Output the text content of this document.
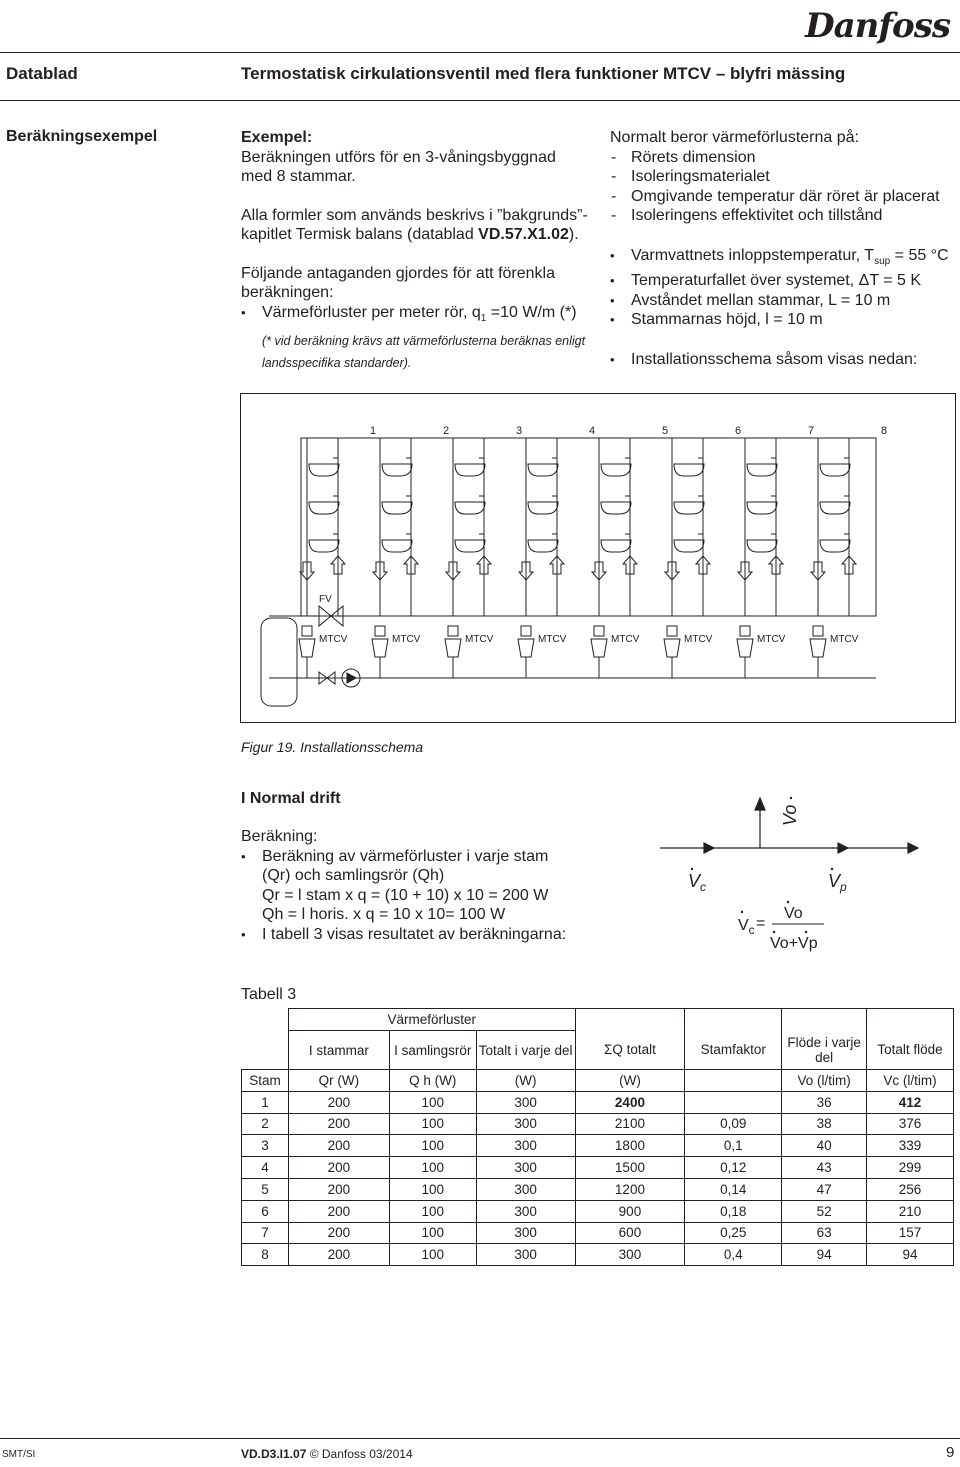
Danfoss
Datablad	Termostatisk cirkulationsventil med flera funktioner MTCV – blyfri mässing
Beräkningsexempel	Exempel:

Beräkningen utförs för en 3-våningsbyggnad

med 8 stammar.

Alla formler som används beskrivs i ”bakgrunds”-

kapitlet Termisk balans (datablad VD.57.X1.02).

Följande antaganden gjordes för att förenkla

beräkningen:

• Värmeförluster per meter rör, $q_1 =10$ W/m (*)

(* vid beräkning krävs att värmeförlusterna beräknas enligt

landsspecifika standarder).

Normalt beror värmeförlusterna på:

- Rörets dimension

- Isoleringsmaterialet

- Omgivande temperatur där röret är placerat

- Isoleringens effektivitet och tillstånd

• Varmvattnets inloppstemperatur, $T_{sup} = 55$ °C

• Temperaturfallet över systemet, ΔT = 5 K

• Avståndet mellan stammar, L = 10 m

• Stammarnas höjd, l = 10 m

• Installationsschema såsom visas nedan:

1	2	3	4	5	6	7	8
FV
MTCV	MTCV	MTCV	MTCV	MTCV	MTCV	MTCV	MTCV
Figur 19. Installationsschema
I Normal drift

Beräkning:

• Beräkning av värmeförluster i varje stam

(Qr) och samlingsrör (Qh)

Qr = l stam x q = (10 + 10) x 10 = 200 W

Qh = l horis. x q = 10 x 10= 100 W

• I tabell 3 visas resultatet av beräkningarna:

Vo
$V_c$	$V_p$
$V_c$ =
Vo
Vo+Vp
Tabell 3
	Värmeförluster						
	I stammar	I samlingsrör	Totalt i varje del	ΣQ totalt	Stamfaktor	Flöde i varje del	Totalt flöde
Stam	Qr (W)	Q h (W)	(W)	(W)		Vo (l/tim)	Vc (l/tim)
1	200	100	300	2400		36	412
2	200	100	300	2100	0,09	38	376
3	200	100	300	1800	0,1	40	339
4	200	100	300	1500	0,12	43	299
5	200	100	300	1200	0,14	47	256
6	200	100	300	900	0,18	52	210
7	200	100	300	600	0,25	63	157
8	200	100	300	300	0,4	94	94
SMT/SI	VD.D3.I1.07 © Danfoss 03/2014	9
